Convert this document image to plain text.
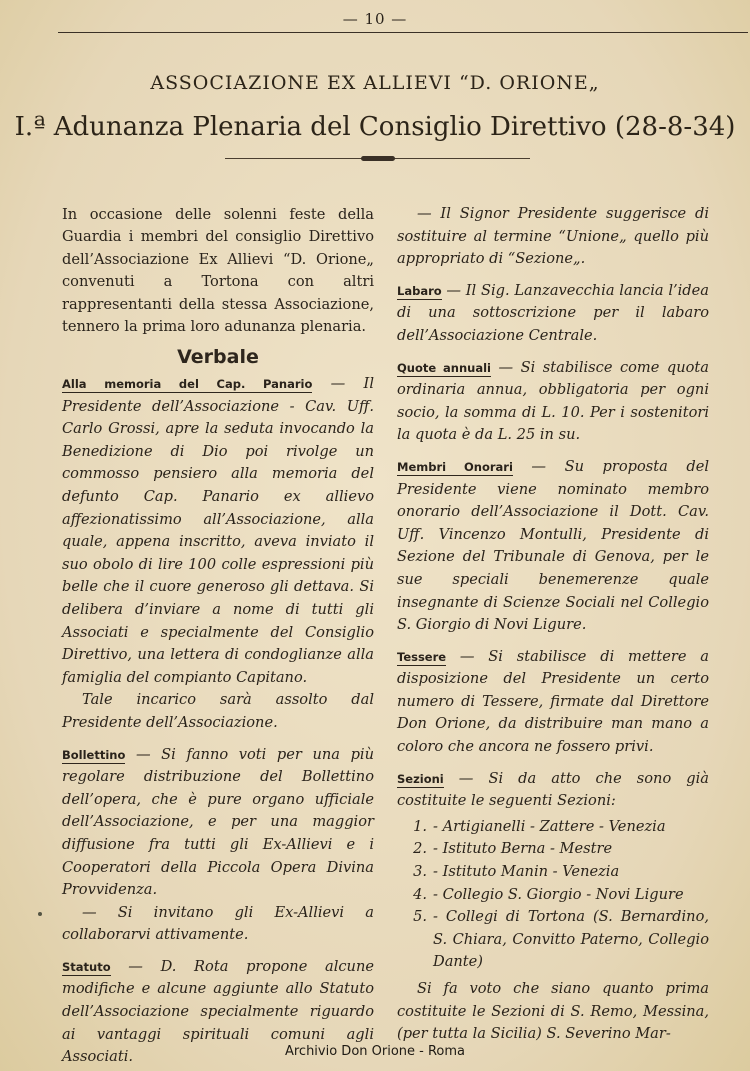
— 10 —
ASSOCIAZIONE EX ALLIEVI “D. ORIONE„
I.ª Adunanza Plenaria del Consiglio Direttivo (28-8-34)

In occasione delle solenni feste della Guardia i membri del consiglio Direttivo dell’Associazione Ex Allievi “D. Orione„ convenuti a Tortona con altri rappresentanti della stessa Associazione, tennero la prima loro adunanza plenaria.

Verbale

Alla memoria del Cap. Panario — Il Presidente dell’Associazione - Cav. Uff. Carlo Grossi, apre la seduta invocando la Benedizione di Dio poi rivolge un commosso pensiero alla memoria del defunto Cap. Panario ex allievo affezionatissimo all’Associazione, alla quale, appena inscritto, aveva inviato il suo obolo di lire 100 colle espressioni più belle che il cuore generoso gli dettava. Si delibera d’inviare a nome di tutti gli Associati e specialmente del Consiglio Direttivo, una lettera di condoglianze alla famiglia del compianto Capitano.

Tale incarico sarà assolto dal Presidente dell’Associazione.

Bollettino — Si fanno voti per una più regolare distribuzione del Bollettino dell’opera, che è pure organo ufficiale dell’Associazione, e per una maggior diffusione fra tutti gli Ex-Allievi e i Cooperatori della Piccola Opera Divina Provvidenza.

— Si invitano gli Ex-Allievi a collaborarvi attivamente.

Statuto — D. Rota propone alcune modifiche e alcune aggiunte allo Statuto dell’Associazione specialmente riguardo ai vantaggi spirituali comuni agli Associati.

— Il Signor Presidente suggerisce di sostituire al termine “Unione„ quello più appropriato di “Sezione„.

Labaro — Il Sig. Lanzavecchia lancia l’idea di una sottoscrizione per il labaro dell’Associazione Centrale.

Quote annuali — Si stabilisce come quota ordinaria annua, obbligatoria per ogni socio, la somma di L. 10. Per i sostenitori la quota è da L. 25 in su.

Membri Onorari — Su proposta del Presidente viene nominato membro onorario dell’Associazione il Dott. Cav. Uff. Vincenzo Montulli, Presidente di Sezione del Tribunale di Genova, per le sue speciali benemerenze quale insegnante di Scienze Sociali nel Collegio S. Giorgio di Novi Ligure.

Tessere — Si stabilisce di mettere a disposizione del Presidente un certo numero di Tessere, firmate dal Direttore Don Orione, da distribuire man mano a coloro che ancora ne fossero privi.

Sezioni — Si da atto che sono già costituite le seguenti Sezioni:

1. - Artigianelli - Zattere - Venezia
2. - Istituto Berna - Mestre
3. - Istituto Manin - Venezia
4. - Collegio S. Giorgio - Novi Ligure
5. - Collegi di Tortona (S. Bernardino, S. Chiara, Convitto Paterno, Collegio Dante)

Si fa voto che siano quanto prima costituite le Sezioni di S. Remo, Messina, (per tutta la Sicilia) S. Severino Mar-

Archivio Don Orione - Roma
